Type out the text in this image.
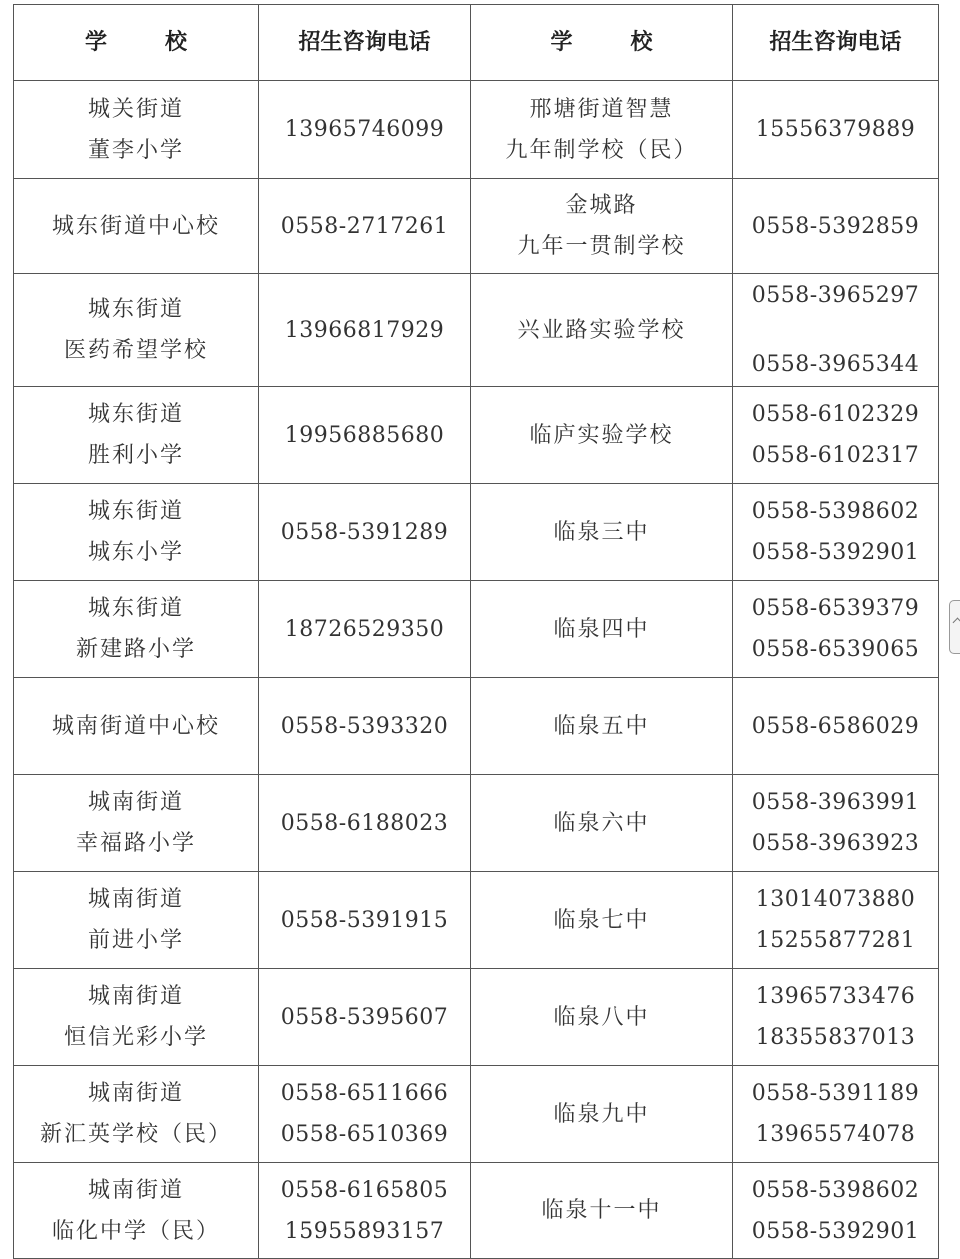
学　校	招生咨询电话	学　校	招生咨询电话

城关街道
董李小学	13965746099	邢塘街道智慧
九年制学校（民）	15556379889

城东街道中心校	0558-2717261	金城路
九年一贯制学校	0558-5392859

城东街道
医药希望学校	13966817929	兴业路实验学校	0558-3965297
0558-3965344

城东街道
胜利小学	19956885680	临庐实验学校	0558-6102329
0558-6102317

城东街道
城东小学	0558-5391289	临泉三中	0558-5398602
0558-5392901

城东街道
新建路小学	18726529350	临泉四中	0558-6539379
0558-6539065

城南街道中心校	0558-5393320	临泉五中	0558-6586029

城南街道
幸福路小学	0558-6188023	临泉六中	0558-3963991
0558-3963923

城南街道
前进小学	0558-5391915	临泉七中	13014073880
15255877281

城南街道
恒信光彩小学	0558-5395607	临泉八中	13965733476
18355837013

城南街道
新汇英学校（民）	0558-6511666
0558-6510369	临泉九中	0558-5391189
13965574078

城南街道
临化中学（民）	0558-6165805
15955893157	临泉十一中	0558-5398602
0558-5392901
